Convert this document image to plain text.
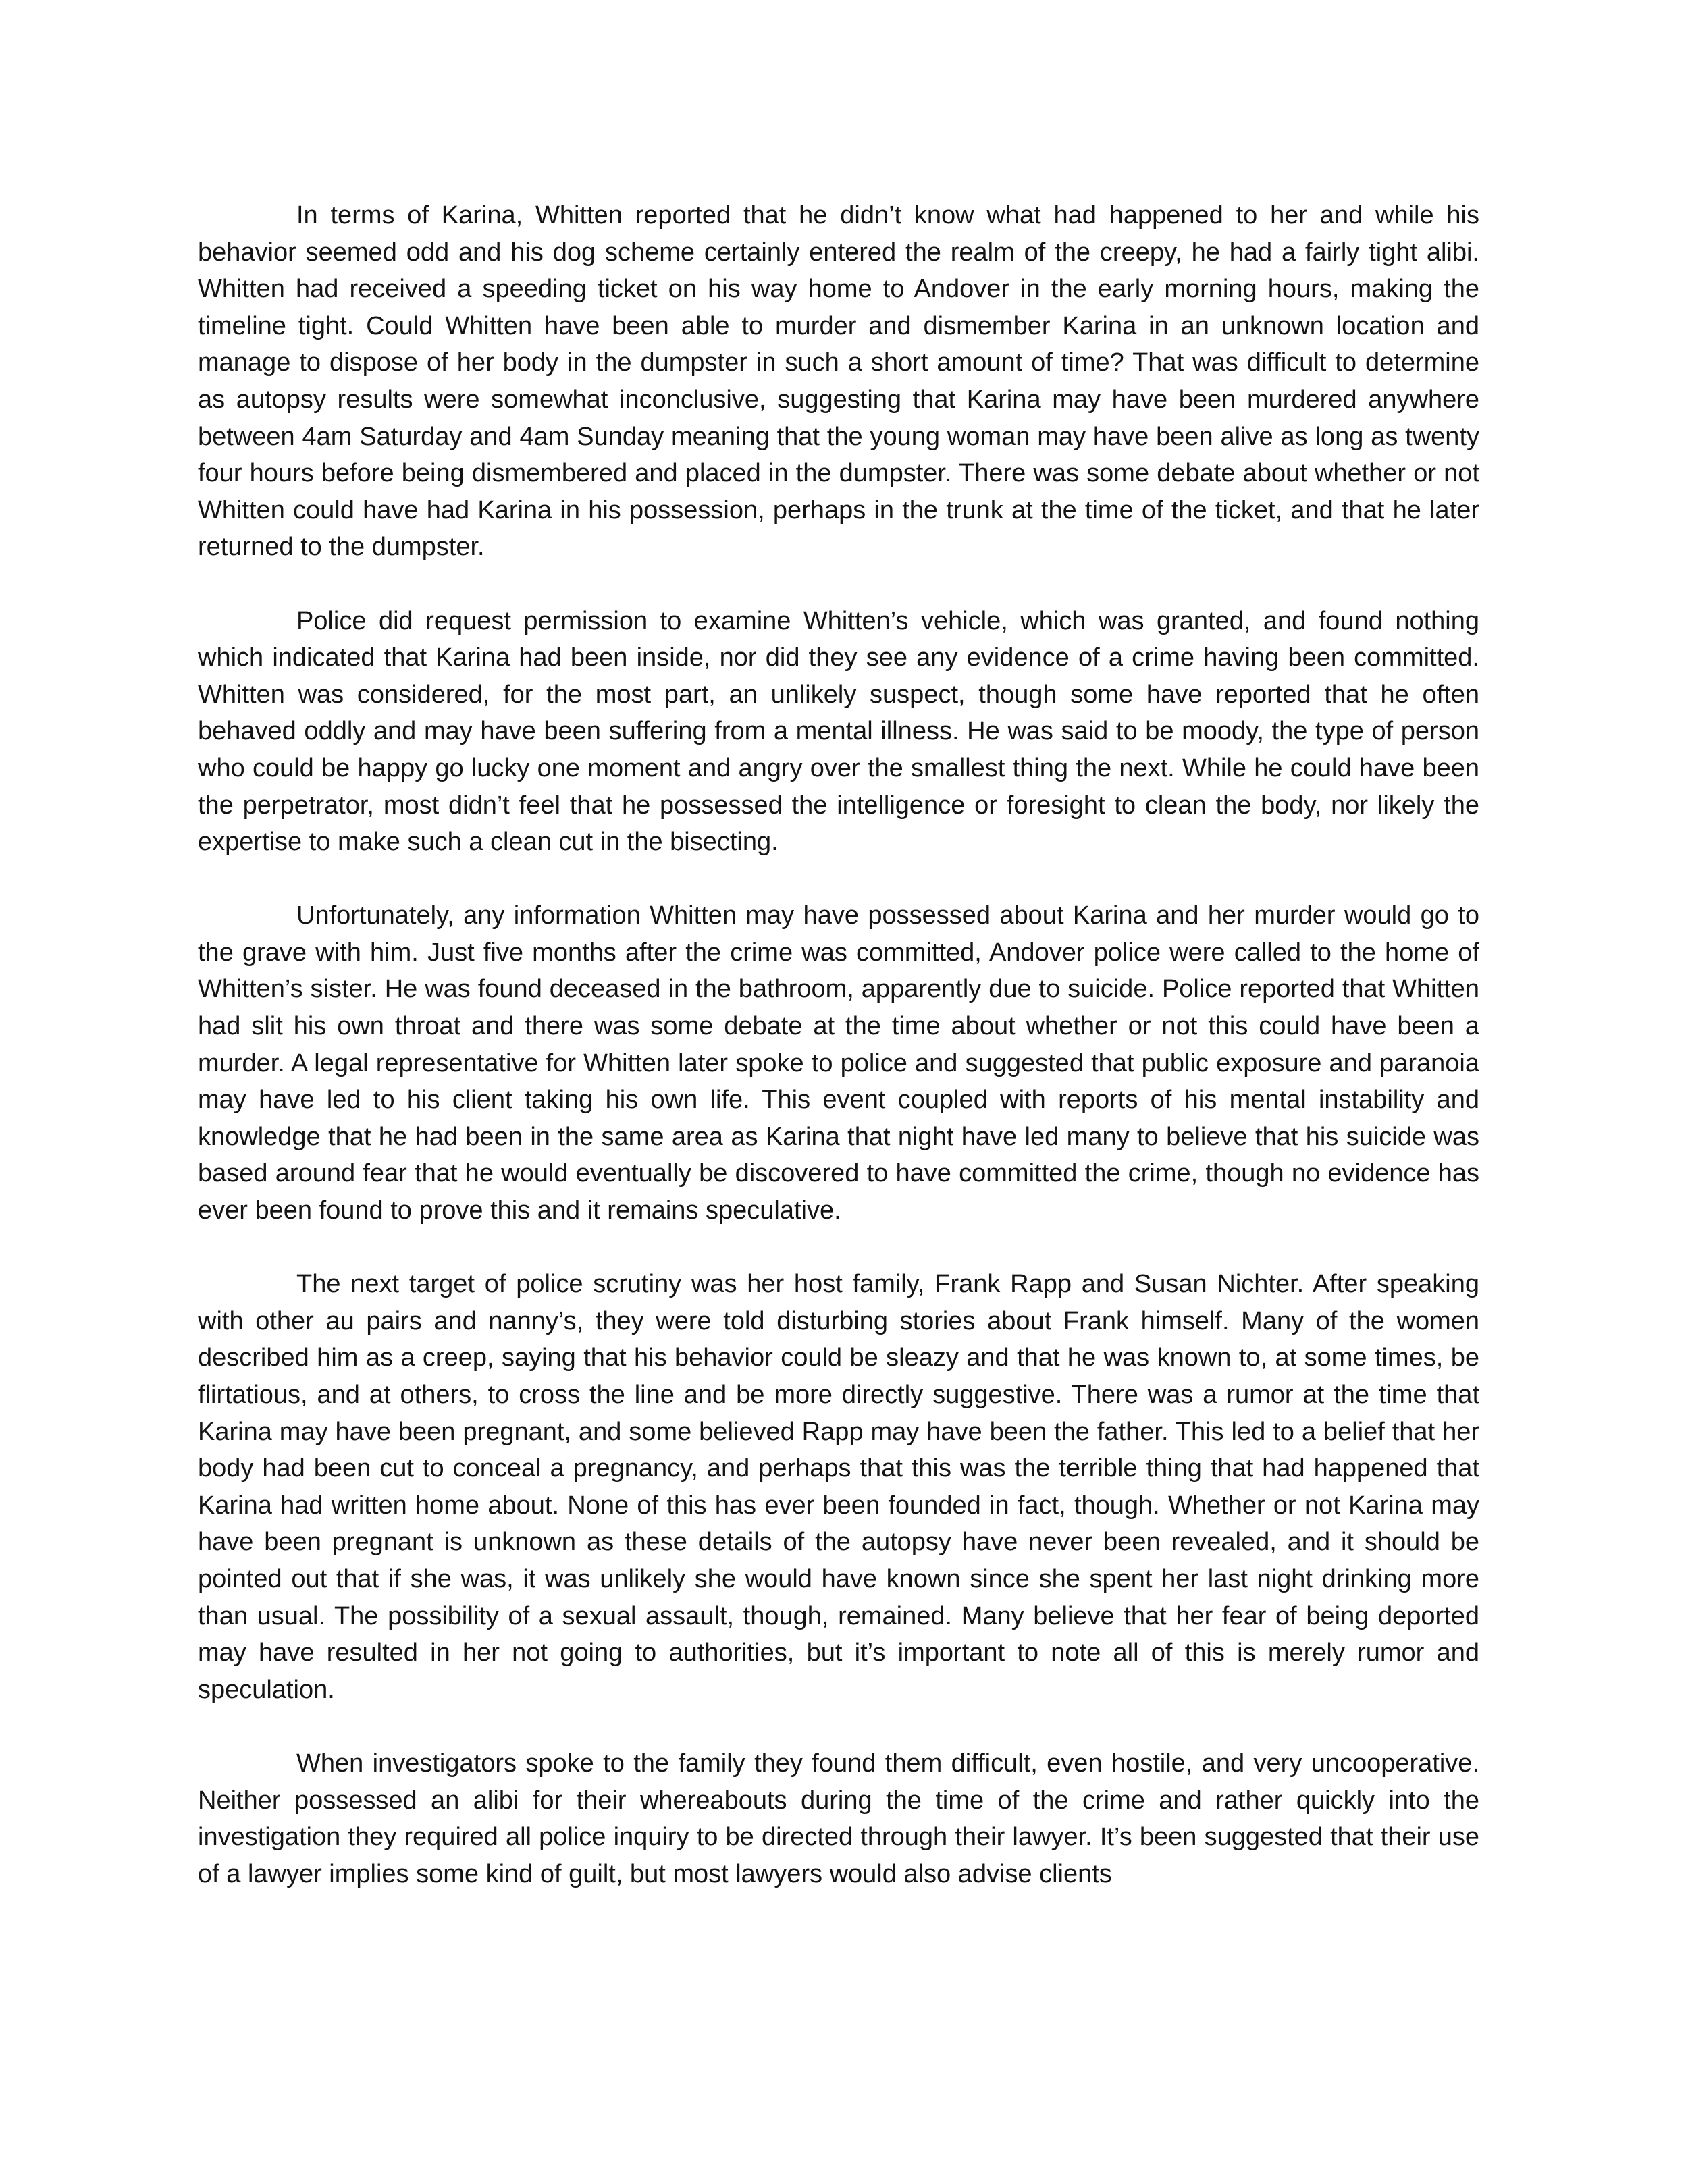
In terms of Karina, Whitten reported that he didn’t know what had happened to her and while his behavior seemed odd and his dog scheme certainly entered the realm of the creepy, he had a fairly tight alibi. Whitten had received a speeding ticket on his way home to Andover in the early morning hours, making the timeline tight. Could Whitten have been able to murder and dismember Karina in an unknown location and manage to dispose of her body in the dumpster in such a short amount of time? That was difficult to determine as autopsy results were somewhat inconclusive, suggesting that Karina may have been murdered anywhere between 4am Saturday and 4am Sunday meaning that the young woman may have been alive as long as twenty four hours before being dismembered and placed in the dumpster. There was some debate about whether or not Whitten could have had Karina in his possession, perhaps in the trunk at the time of the ticket, and that he later returned to the dumpster.

Police did request permission to examine Whitten’s vehicle, which was granted, and found nothing which indicated that Karina had been inside, nor did they see any evidence of a crime having been committed. Whitten was considered, for the most part, an unlikely suspect, though some have reported that he often behaved oddly and may have been suffering from a mental illness. He was said to be moody, the type of person who could be happy go lucky one moment and angry over the smallest thing the next. While he could have been the perpetrator, most didn’t feel that he possessed the intelligence or foresight to clean the body, nor likely the expertise to make such a clean cut in the bisecting.

Unfortunately, any information Whitten may have possessed about Karina and her murder would go to the grave with him. Just five months after the crime was committed, Andover police were called to the home of Whitten’s sister. He was found deceased in the bathroom, apparently due to suicide. Police reported that Whitten had slit his own throat and there was some debate at the time about whether or not this could have been a murder. A legal representative for Whitten later spoke to police and suggested that public exposure and paranoia may have led to his client taking his own life. This event coupled with reports of his mental instability and knowledge that he had been in the same area as Karina that night have led many to believe that his suicide was based around fear that he would eventually be discovered to have committed the crime, though no evidence has ever been found to prove this and it remains speculative.

The next target of police scrutiny was her host family, Frank Rapp and Susan Nichter. After speaking with other au pairs and nanny’s, they were told disturbing stories about Frank himself. Many of the women described him as a creep, saying that his behavior could be sleazy and that he was known to, at some times, be flirtatious, and at others, to cross the line and be more directly suggestive. There was a rumor at the time that Karina may have been pregnant, and some believed Rapp may have been the father. This led to a belief that her body had been cut to conceal a pregnancy, and perhaps that this was the terrible thing that had happened that Karina had written home about. None of this has ever been founded in fact, though. Whether or not Karina may have been pregnant is unknown as these details of the autopsy have never been revealed, and it should be pointed out that if she was, it was unlikely she would have known since she spent her last night drinking more than usual. The possibility of a sexual assault, though, remained. Many believe that her fear of being deported may have resulted in her not going to authorities, but it’s important to note all of this is merely rumor and speculation.

When investigators spoke to the family they found them difficult, even hostile, and very uncooperative. Neither possessed an alibi for their whereabouts during the time of the crime and rather quickly into the investigation they required all police inquiry to be directed through their lawyer. It’s been suggested that their use of a lawyer implies some kind of guilt, but most lawyers would also advise clients
